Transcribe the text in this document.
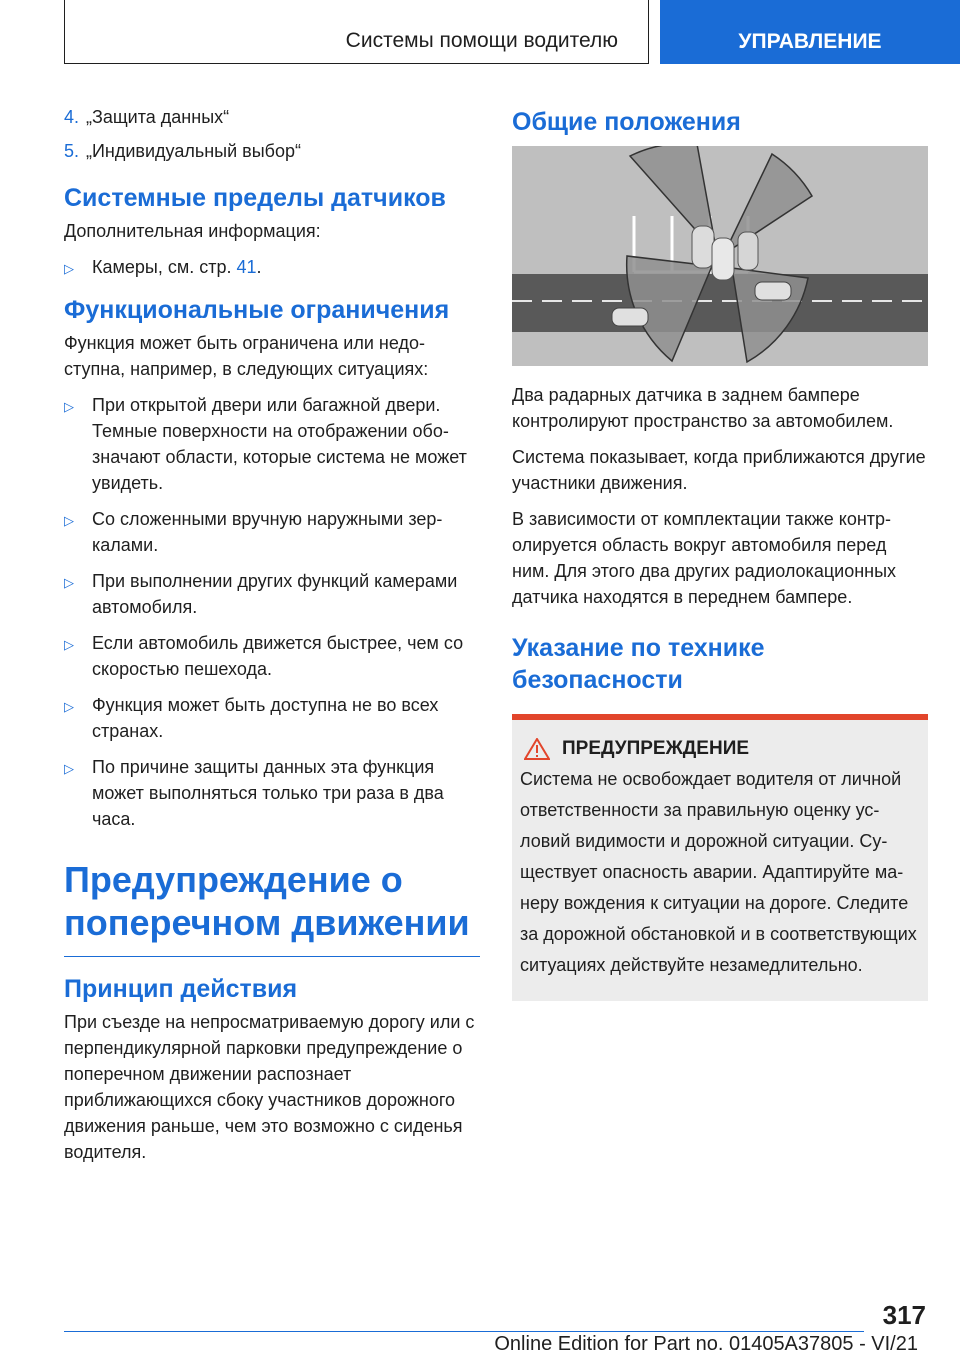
Системы помощи водителю	УПРАВЛЕНИЕ
4. „Защита данных“
5. „Индивидуальный выбор“
Системные пределы датчиков

Дополнительная информация:

▷ Камеры, см. стр. 41.
Функциональные ограничения

Функция может быть ограничена или недоступна, например, в следующих ситуациях:

▷ При открытой двери или багажной двери. Темные поверхности на отображении обозначают области, которые система не может увидеть.
▷ Со сложенными вручную наружными зеркалами.
▷ При выполнении других функций камерами автомобиля.
▷ Если автомобиль движется быстрее, чем со скоростью пешехода.
▷ Функция может быть доступна не во всех странах.
▷ По причине защиты данных эта функция может выполняться только три раза в два часа.
Предупреждение о поперечном движении
Принцип действия

При съезде на непросматриваемую дорогу или с перпендикулярной парковки предупреждение о поперечном движении распознает приближающихся сбоку участников дорожного движения раньше, чем это возможно с сиденья водителя.

Общие положения

Два радарных датчика в заднем бампере контролируют пространство за автомобилем.

Система показывает, когда приближаются другие участники движения.

В зависимости от комплектации также контролируется область вокруг автомобиля перед ним. Для этого два других радиолокационных датчика находятся в переднем бампере.

Указание по технике безопасности
ПРЕДУПРЕЖДЕНИЕ

Система не освобождает водителя от личной ответственности за правильную оценку условий видимости и дорожной ситуации. Существует опасность аварии. Адаптируйте манеру вождения к ситуации на дороге. Следите за дорожной обстановкой и в соответствующих ситуациях действуйте незамедлительно.

317
Online Edition for Part no. 01405A37805 - VI/21
